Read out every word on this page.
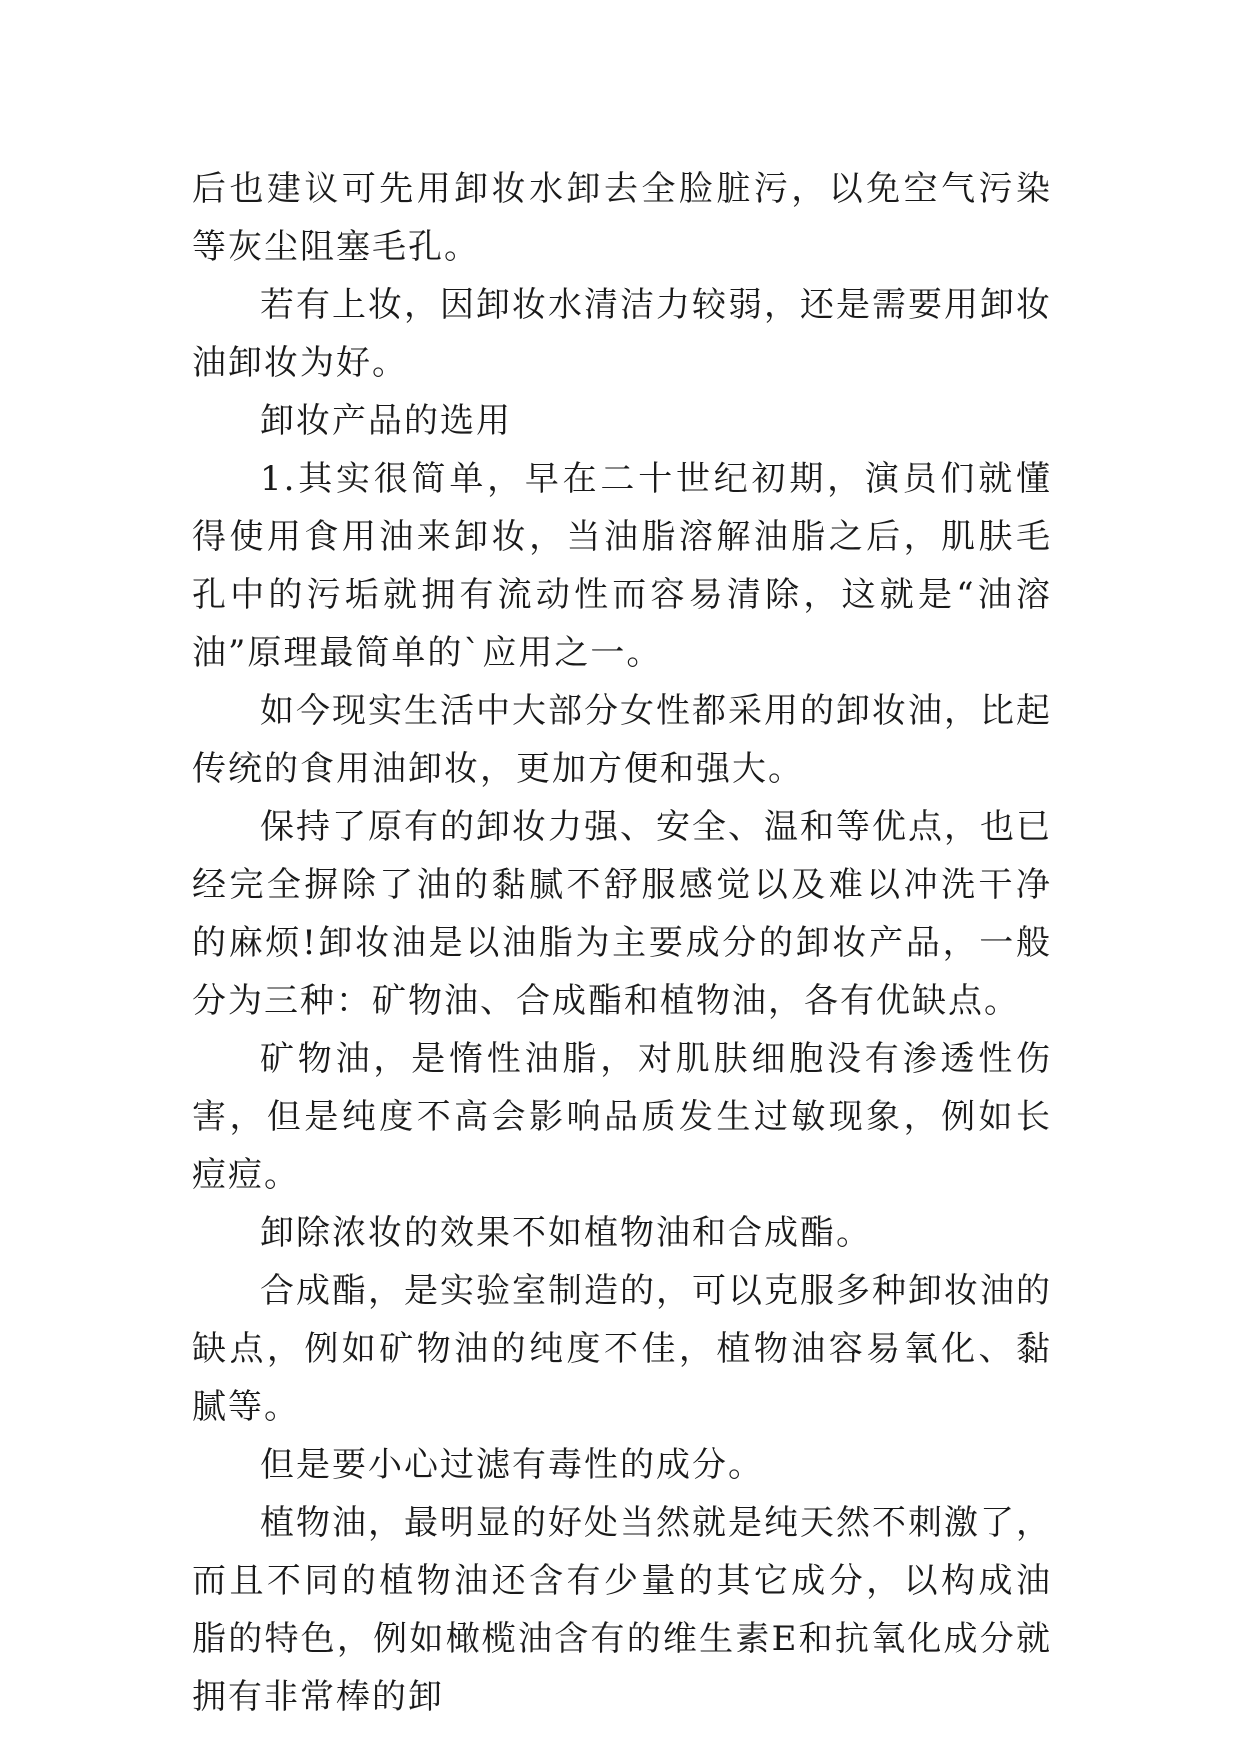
后也建议可先用卸妆水卸去全脸脏污，以免空气污染等灰尘阻塞毛孔。

若有上妆，因卸妆水清洁力较弱，还是需要用卸妆油卸妆为好。

卸妆产品的选用

1.其实很简单，早在二十世纪初期，演员们就懂得使用食用油来卸妆，当油脂溶解油脂之后，肌肤毛孔中的污垢就拥有流动性而容易清除，这就是“油溶油”原理最简单的`应用之一。

如今现实生活中大部分女性都采用的卸妆油，比起传统的食用油卸妆，更加方便和强大。

保持了原有的卸妆力强、安全、温和等优点，也已经完全摒除了油的黏腻不舒服感觉以及难以冲洗干净的麻烦!卸妆油是以油脂为主要成分的卸妆产品，一般分为三种：矿物油、合成酯和植物油，各有优缺点。

矿物油，是惰性油脂，对肌肤细胞没有渗透性伤害，但是纯度不高会影响品质发生过敏现象，例如长痘痘。

卸除浓妆的效果不如植物油和合成酯。

合成酯，是实验室制造的，可以克服多种卸妆油的缺点，例如矿物油的纯度不佳，植物油容易氧化、黏腻等。

但是要小心过滤有毒性的成分。

植物油，最明显的好处当然就是纯天然不刺激了，而且不同的植物油还含有少量的其它成分，以构成油脂的特色，例如橄榄油含有的维生素E和抗氧化成分就拥有非常棒的卸
